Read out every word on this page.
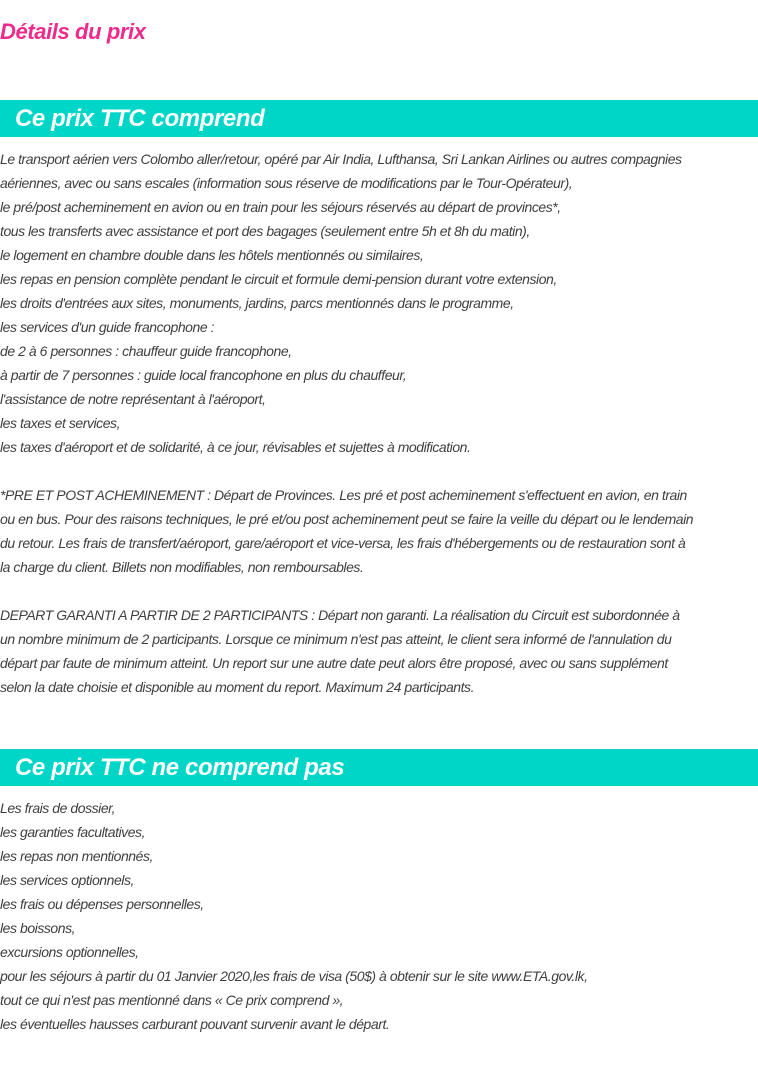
Détails du prix
Ce prix TTC comprend
Le transport aérien vers Colombo aller/retour, opéré par Air India, Lufthansa, Sri Lankan Airlines ou autres compagnies
aériennes, avec ou sans escales (information sous réserve de modifications par le Tour-Opérateur),
le pré/post acheminement en avion ou en train pour les séjours réservés au départ de provinces*,
tous les transferts avec assistance et port des bagages (seulement entre 5h et 8h du matin),
le logement en chambre double dans les hôtels mentionnés ou similaires,
les repas en pension complète pendant le circuit et formule demi-pension durant votre extension,
les droits d'entrées aux sites, monuments, jardins, parcs mentionnés dans le programme,
les services d'un guide francophone :
de 2 à 6 personnes : chauffeur guide francophone,
à partir de 7 personnes : guide local francophone en plus du chauffeur,
l'assistance de notre représentant à l'aéroport,
les taxes et services,
les taxes d'aéroport et de solidarité, à ce jour, révisables et sujettes à modification.
*PRE ET POST ACHEMINEMENT : Départ de Provinces. Les pré et post acheminement s'effectuent en avion, en train
ou en bus. Pour des raisons techniques, le pré et/ou post acheminement peut se faire la veille du départ ou le lendemain
du retour. Les frais de transfert/aéroport, gare/aéroport et vice-versa, les frais d'hébergements ou de restauration sont à
la charge du client. Billets non modifiables, non remboursables.
DEPART GARANTI A PARTIR DE 2 PARTICIPANTS : Départ non garanti. La réalisation du Circuit est subordonnée à
un nombre minimum de 2 participants. Lorsque ce minimum n'est pas atteint, le client sera informé de l'annulation du
départ par faute de minimum atteint. Un report sur une autre date peut alors être proposé, avec ou sans supplément
selon la date choisie et disponible au moment du report. Maximum 24 participants.
Ce prix TTC ne comprend pas
Les frais de dossier,
les garanties facultatives,
les repas non mentionnés,
les services optionnels,
les frais ou dépenses personnelles,
les boissons,
excursions optionnelles,
pour les séjours à partir du 01 Janvier 2020,les frais de visa (50$) à obtenir sur le site www.ETA.gov.lk,
tout ce qui n'est pas mentionné dans « Ce prix comprend »,
les éventuelles hausses carburant pouvant survenir avant le départ.
